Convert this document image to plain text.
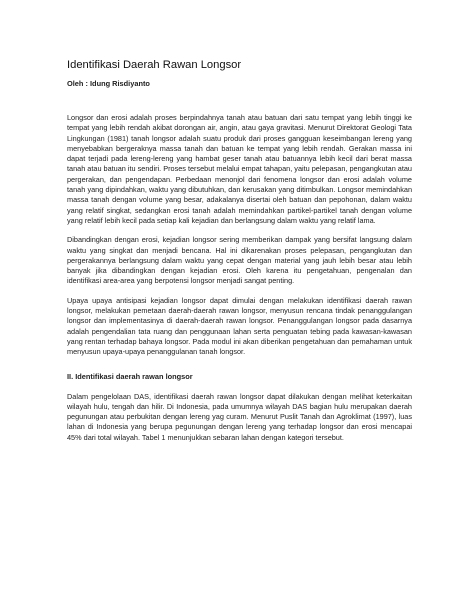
Identifikasi Daerah Rawan Longsor

Oleh : Idung Risdiyanto

Longsor dan erosi adalah proses berpindahnya tanah atau batuan dari satu tempat yang lebih tinggi ke tempat yang lebih rendah akibat dorongan air, angin, atau gaya gravitasi. Menurut Direktorat Geologi Tata Lingkungan (1981) tanah longsor adalah suatu produk dari proses gangguan keseimbangan lereng yang menyebabkan bergeraknya massa tanah dan batuan ke tempat yang lebih rendah. Gerakan massa ini dapat terjadi pada lereng-lereng yang hambat geser tanah atau batuannya lebih kecil dari berat massa tanah atau batuan itu sendiri. Proses tersebut melalui empat tahapan, yaitu pelepasan, pengangkutan atau pergerakan, dan pengendapan. Perbedaan menonjol dari fenomena longsor dan erosi adalah volume tanah yang dipindahkan, waktu yang dibutuhkan, dan kerusakan yang ditimbulkan. Longsor memindahkan massa tanah dengan volume yang besar, adakalanya disertai oleh batuan dan pepohonan, dalam waktu yang relatif singkat, sedangkan erosi tanah adalah memindahkan partikel-partikel tanah dengan volume yang relatif lebih kecil pada setiap kali kejadian dan berlangsung dalam waktu yang relatif lama.

Dibandingkan dengan erosi, kejadian longsor sering memberikan dampak yang bersifat langsung dalam waktu yang singkat dan menjadi bencana. Hal ini dikarenakan proses pelepasan, pengangkutan dan pergerakannya berlangsung dalam waktu yang cepat dengan material yang jauh lebih besar atau lebih banyak jika dibandingkan dengan kejadian erosi. Oleh karena itu pengetahuan, pengenalan dan identifikasi area-area yang berpotensi longsor menjadi sangat penting.

Upaya upaya antisipasi kejadian longsor dapat dimulai dengan melakukan identifikasi daerah rawan longsor, melakukan pemetaan daerah-daerah rawan longsor, menyusun rencana tindak penanggulangan longsor dan implementasinya di daerah-daerah rawan longsor. Penanggulangan longsor pada dasarnya adalah pengendalian tata ruang dan penggunaan lahan serta penguatan tebing pada kawasan-kawasan yang rentan terhadap bahaya longsor. Pada modul ini akan diberikan pengetahuan dan pemahaman untuk menyusun upaya-upaya penanggulanan tanah longsor.

II. Identifikasi daerah rawan longsor

Dalam pengelolaan DAS, identifikasi daerah rawan longsor dapat dilakukan dengan melihat keterkaitan wilayah hulu, tengah dan hilir. Di Indonesia, pada umumnya wilayah DAS bagian hulu merupakan daerah pegunungan atau perbukitan dengan lereng yag curam. Menurut Puslit Tanah dan Agroklimat (1997), luas lahan di Indonesia yang berupa pegunungan dengan lereng yang terhadap longsor dan erosi mencapai 45% dari total wilayah. Tabel 1 menunjukkan sebaran lahan dengan kategori tersebut.
